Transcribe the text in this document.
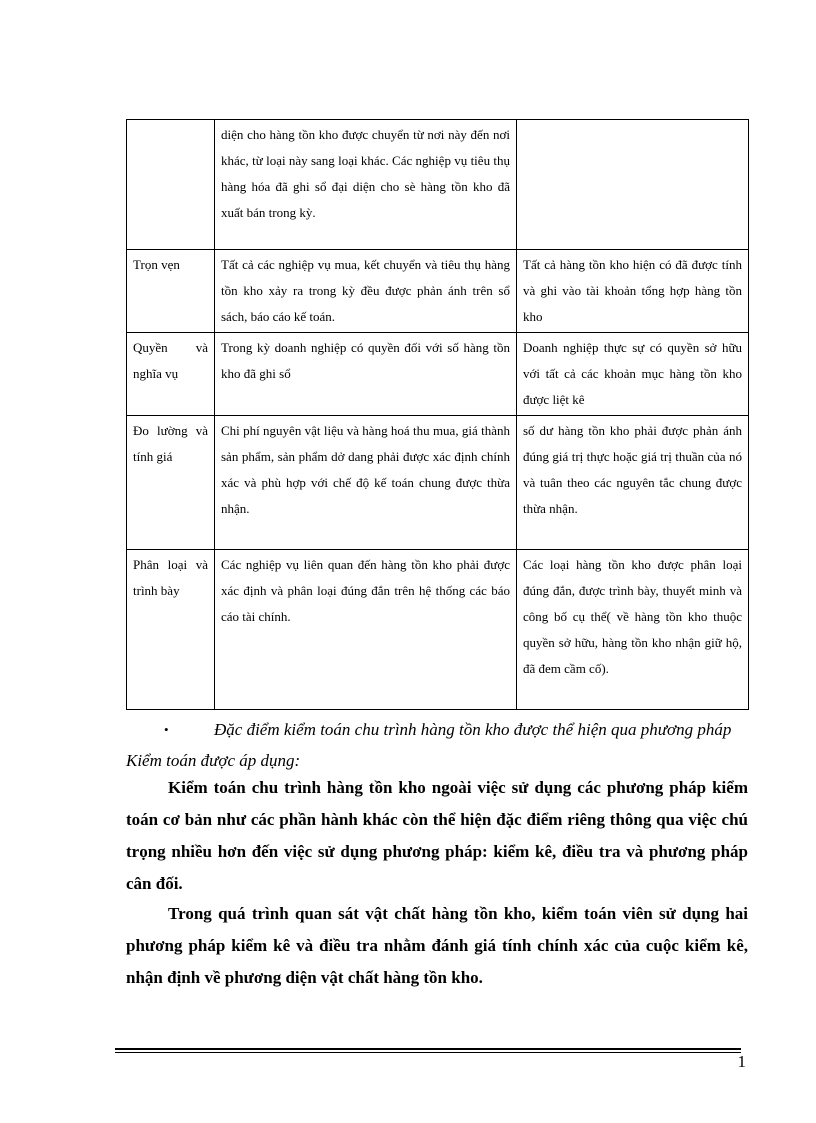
	diện cho hàng tồn kho được chuyển từ nơi này đến nơi khác, từ loại này sang loại khác. Các nghiệp vụ tiêu thụ hàng hóa đã ghi sổ đại diện cho sè hàng tồn kho đã xuất bán trong kỳ.	
Trọn vẹn	Tất cả các nghiệp vụ mua, kết chuyển và tiêu thụ hàng tồn kho xảy ra trong kỳ đều được phản ánh trên sổ sách, báo cáo kế toán.	Tất cả hàng tồn kho hiện có đã được tính và ghi vào tài khoản tổng hợp hàng tồn kho
Quyền và nghĩa vụ	Trong kỳ doanh nghiệp có quyền đối với số hàng tồn kho đã ghi sổ	Doanh nghiệp thực sự có quyền sở hữu với tất cả các khoản mục hàng tồn kho được liệt kê
Đo lường và tính giá	Chi phí nguyên vật liệu và hàng hoá thu mua, giá thành sản phẩm, sản phẩm dở dang phải được xác định chính xác và phù hợp với chế độ kế toán chung được thừa nhận.	số dư hàng tồn kho phải được phản ánh đúng giá trị thực hoặc giá trị thuần của nó và tuân theo các nguyên tắc chung được thừa nhận.
Phân loại và trình bày	Các nghiệp vụ liên quan đến hàng tồn kho phải được xác định và phân loại đúng đắn trên hệ thống các báo cáo tài chính.	Các loại hàng tồn kho được phân loại đúng đắn, được trình bày, thuyết minh và công bố cụ thể( về hàng tồn kho thuộc quyền sở hữu, hàng tồn kho nhận giữ hộ, đã đem cầm cố).
•	Đặc điểm kiểm toán chu trình hàng tồn kho được thể hiện qua phương pháp Kiểm toán được áp dụng:

Kiểm toán chu trình hàng tồn kho ngoài việc sử dụng các phương pháp kiểm toán cơ bản như các phần hành khác còn thể hiện đặc điểm riêng thông qua việc chú trọng nhiều hơn đến việc sử dụng phương pháp: kiểm kê, điều tra và phương pháp cân đối.

Trong quá trình quan sát vật chất hàng tồn kho, kiểm toán viên sử dụng hai phương pháp kiểm kê và điều tra nhằm đánh giá tính chính xác của cuộc kiểm kê, nhận định về phương diện vật chất hàng tồn kho.

1
